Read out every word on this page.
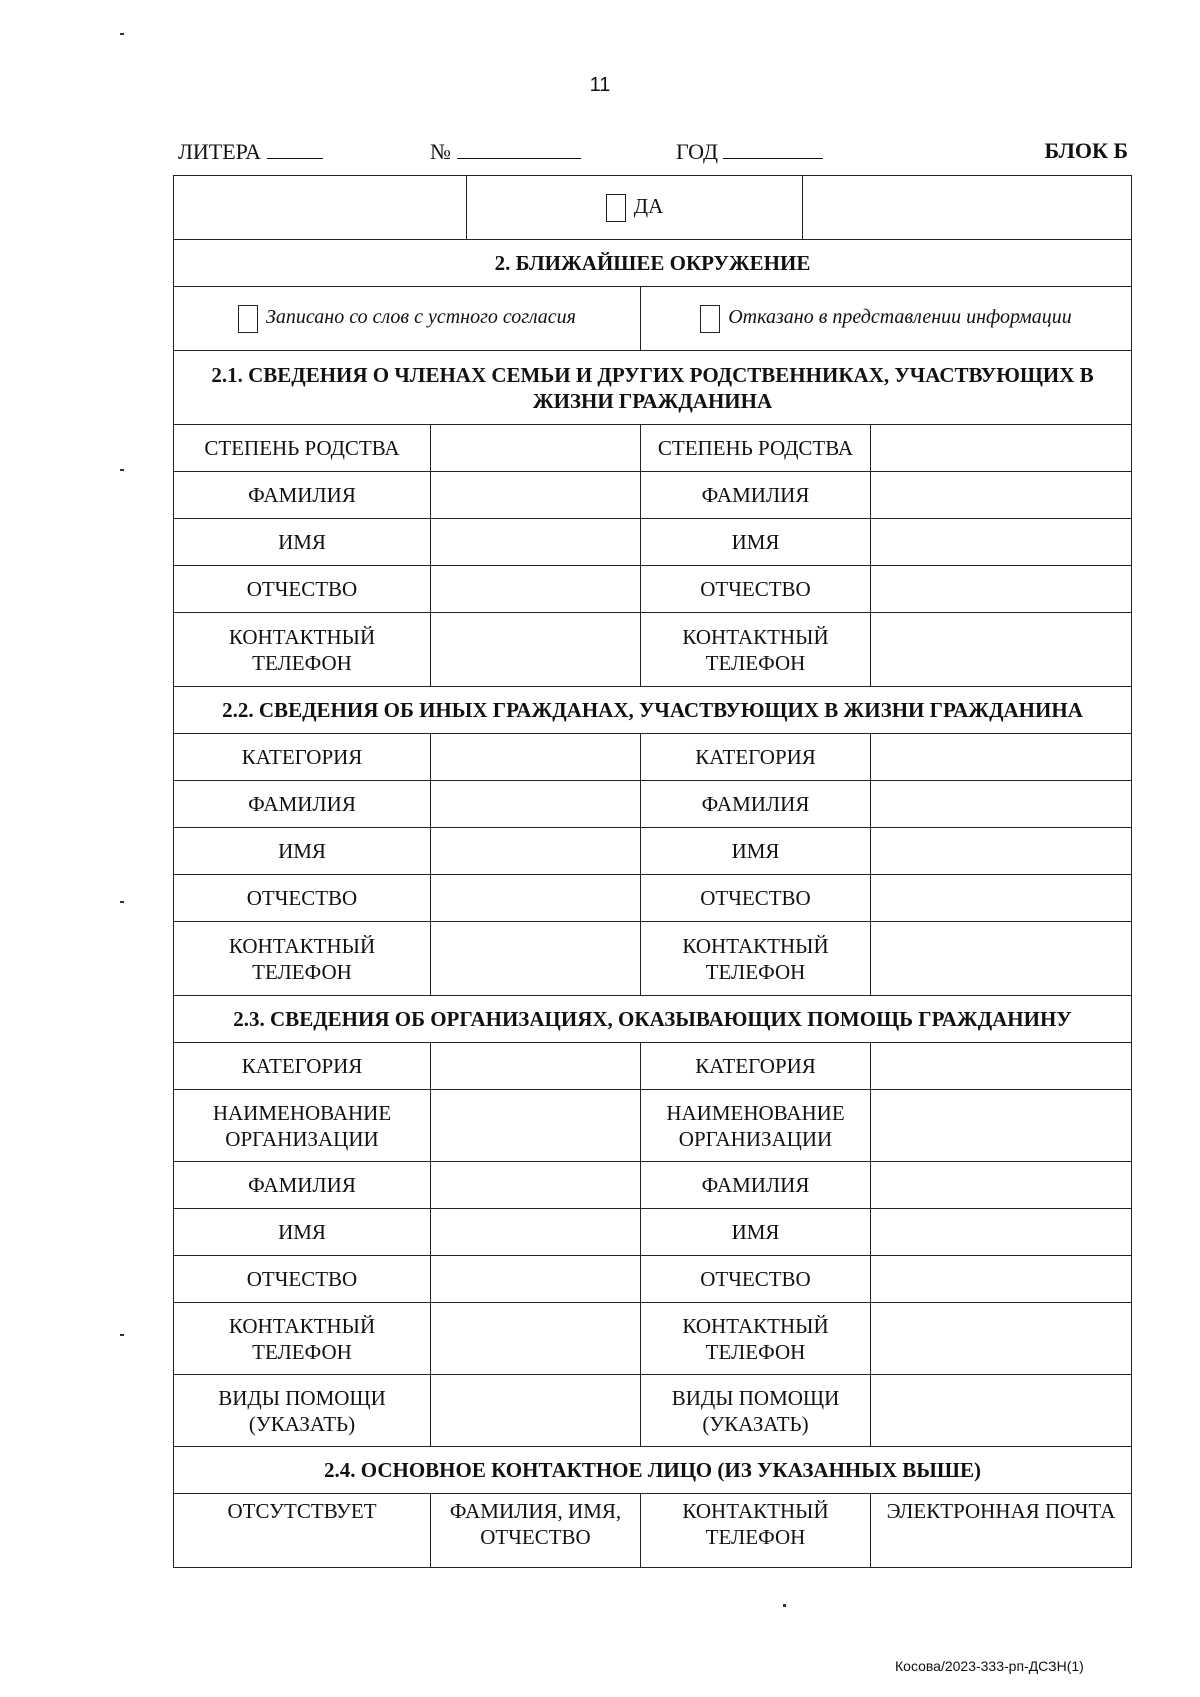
11
ЛИТЕРА	№	ГОД	БЛОК Б
		ДА			
2. БЛИЖАЙШЕЕ ОКРУЖЕНИЕ					
Записано со слов с устного согласия			Отказано в представлении информации		
2.1. СВЕДЕНИЯ О ЧЛЕНАХ СЕМЬИ И ДРУГИХ РОДСТВЕННИКАХ, УЧАСТВУЮЩИХ В ЖИЗНИ ГРАЖДАНИНА					
СТЕПЕНЬ РОДСТВА			СТЕПЕНЬ РОДСТВА		
ФАМИЛИЯ			ФАМИЛИЯ		
ИМЯ			ИМЯ		
ОТЧЕСТВО			ОТЧЕСТВО		
КОНТАКТНЫЙ ТЕЛЕФОН			КОНТАКТНЫЙ ТЕЛЕФОН		
2.2. СВЕДЕНИЯ ОБ ИНЫХ ГРАЖДАНАХ, УЧАСТВУЮЩИХ В ЖИЗНИ ГРАЖДАНИНА					
КАТЕГОРИЯ			КАТЕГОРИЯ		
ФАМИЛИЯ			ФАМИЛИЯ		
ИМЯ			ИМЯ		
ОТЧЕСТВО			ОТЧЕСТВО		
КОНТАКТНЫЙ ТЕЛЕФОН			КОНТАКТНЫЙ ТЕЛЕФОН		
2.3. СВЕДЕНИЯ ОБ ОРГАНИЗАЦИЯХ, ОКАЗЫВАЮЩИХ ПОМОЩЬ ГРАЖДАНИНУ					
КАТЕГОРИЯ			КАТЕГОРИЯ		
НАИМЕНОВАНИЕ ОРГАНИЗАЦИИ			НАИМЕНОВАНИЕ ОРГАНИЗАЦИИ		
ФАМИЛИЯ			ФАМИЛИЯ		
ИМЯ			ИМЯ		
ОТЧЕСТВО			ОТЧЕСТВО		
КОНТАКТНЫЙ ТЕЛЕФОН			КОНТАКТНЫЙ ТЕЛЕФОН		
ВИДЫ ПОМОЩИ (УКАЗАТЬ)			ВИДЫ ПОМОЩИ (УКАЗАТЬ)		
2.4. ОСНОВНОЕ КОНТАКТНОЕ ЛИЦО (ИЗ УКАЗАННЫХ ВЫШЕ)					
ОТСУТСТВУЕТ	ФАМИЛИЯ, ИМЯ, ОТЧЕСТВО		КОНТАКТНЫЙ ТЕЛЕФОН		ЭЛЕКТРОННАЯ ПОЧТА
Косова/2023-333-рп-ДСЗН(1)
